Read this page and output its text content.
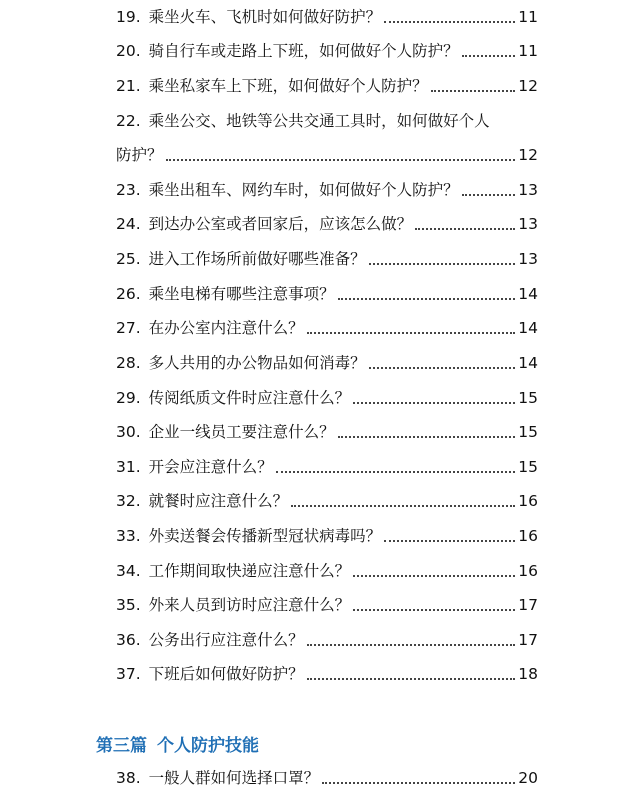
19. 乘坐火车、飞机时如何做好防护？	11
20. 骑自行车或走路上下班，如何做好个人防护？	11
21. 乘坐私家车上下班，如何做好个人防护？	12
22. 乘坐公交、地铁等公共交通工具时，如何做好个人
防护？	12
23. 乘坐出租车、网约车时，如何做好个人防护？	13
24. 到达办公室或者回家后，应该怎么做？	13
25. 进入工作场所前做好哪些准备？	13
26. 乘坐电梯有哪些注意事项？	14
27. 在办公室内注意什么？	14
28. 多人共用的办公物品如何消毒？	14
29. 传阅纸质文件时应注意什么？	15
30. 企业一线员工要注意什么？	15
31. 开会应注意什么？	15
32. 就餐时应注意什么？	16
33. 外卖送餐会传播新型冠状病毒吗？	16
34. 工作期间取快递应注意什么？	16
35. 外来人员到访时应注意什么？	17
36. 公务出行应注意什么？	17
37. 下班后如何做好防护？	18
第三篇 个人防护技能
38. 一般人群如何选择口罩？	20
